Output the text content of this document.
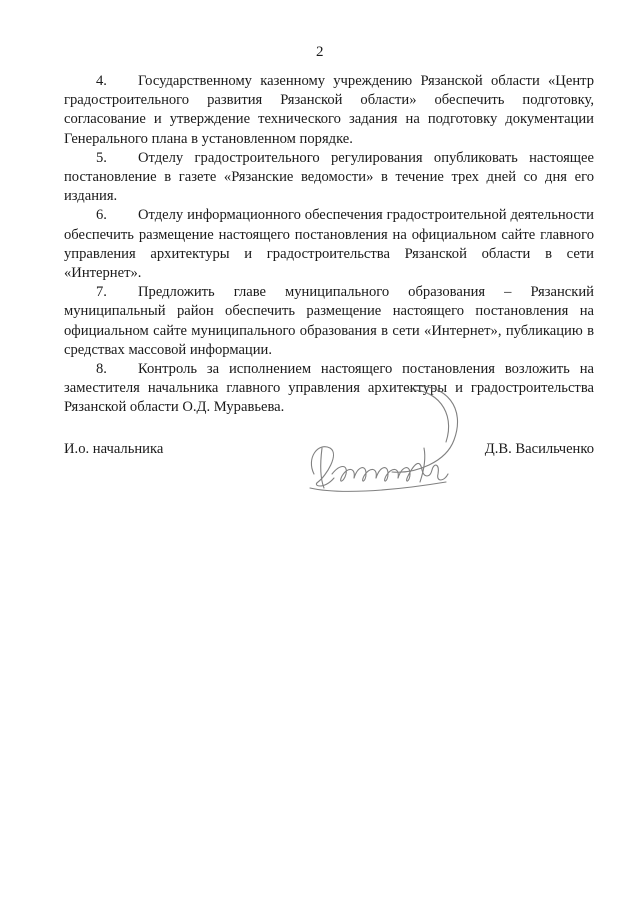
2

4. Государственному казенному учреждению Рязанской области «Центр градостроительного развития Рязанской области» обеспечить подготовку, согласование и утверждение технического задания на подготовку документации Генерального плана в установленном порядке.

5. Отделу градостроительного регулирования опубликовать настоящее постановление в газете «Рязанские ведомости» в течение трех дней со дня его издания.

6. Отделу информационного обеспечения градостроительной деятельности обеспечить размещение настоящего постановления на официальном сайте главного управления архитектуры и градостроительства Рязанской области в сети «Интернет».

7. Предложить главе муниципального образования – Рязанский муниципальный район обеспечить размещение настоящего постановления на официальном сайте муниципального образования в сети «Интернет», публикацию в средствах массовой информации.

8. Контроль за исполнением настоящего постановления возложить на заместителя начальника главного управления архитектуры и градостроительства Рязанской области О.Д. Муравьева.

И.о. начальника	Д.В. Васильченко
